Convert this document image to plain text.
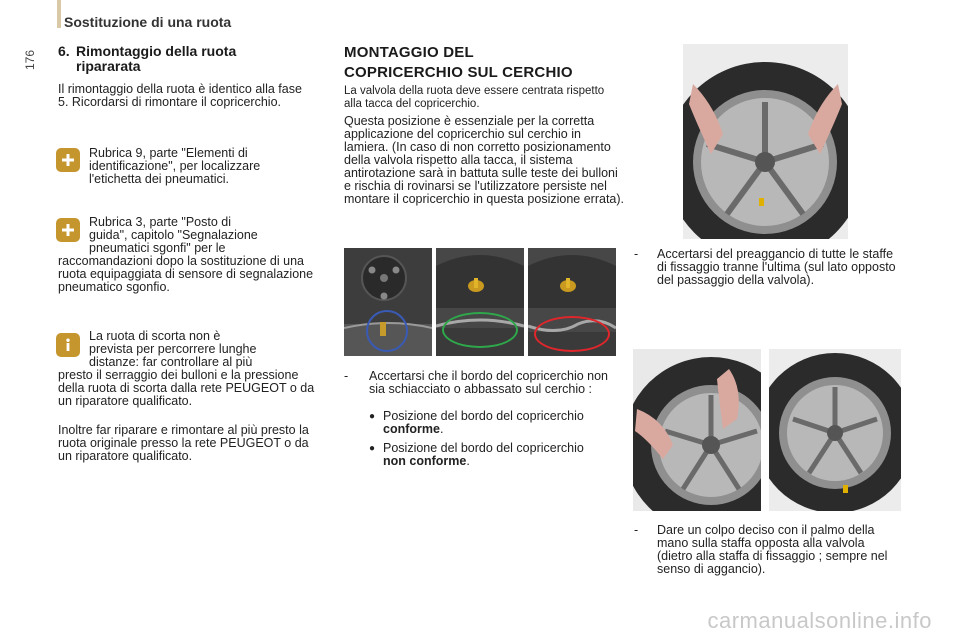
Sostituzione di una ruota
176 6. Rimontaggio della ruota
ripararata
Il rimontaggio della ruota è identico alla fase 5. Ricordarsi di rimontare il copricerchio.
Rubrica 9, parte "Elementi di identificazione", per localizzare l'etichetta dei pneumatici.
Rubrica 3, parte "Posto di
guida", capitolo "Segnalazione
pneumatici sgonfi" per le
raccomandazioni dopo la sostituzione di una ruota equipaggiata di sensore di segnalazione pneumatico sgonfio.
La ruota di scorta non è
prevista per percorrere lunghe
distanze: far controllare al più
presto il serraggio dei bulloni e la pressione della ruota di scorta dalla rete PEUGEOT o da un riparatore qualificato.
Inoltre far riparare e rimontare al più presto la ruota originale presso la rete PEUGEOT o da un riparatore qualificato.
MONTAGGIO DEL
COPRICERCHIO SUL CERCHIO
La valvola della ruota deve essere centrata rispetto alla tacca del copricerchio.
Questa posizione è essenziale per la corretta applicazione del copricerchio sul cerchio in lamiera. (In caso di non corretto posizionamento della valvola rispetto alla tacca, il sistema antirotazione sarà in battuta sulle teste dei bulloni e rischia di rovinarsi se l'utilizzatore persiste nel montare il copricerchio in questa posizione errata).
-	Accertarsi che il bordo del copricerchio non sia schiacciato o abbassato sul cerchio :
● Posizione del bordo del copricerchio conforme.
● Posizione del bordo del copricerchio non conforme.
-	Accertarsi del preaggancio di tutte le staffe di fissaggio tranne l'ultima (sul lato opposto del passaggio della valvola).
-	Dare un colpo deciso con il palmo della mano sulla staffa opposta alla valvola (dietro alla staffa di fissaggio ; sempre nel senso di aggancio).
carmanualsonline.info
